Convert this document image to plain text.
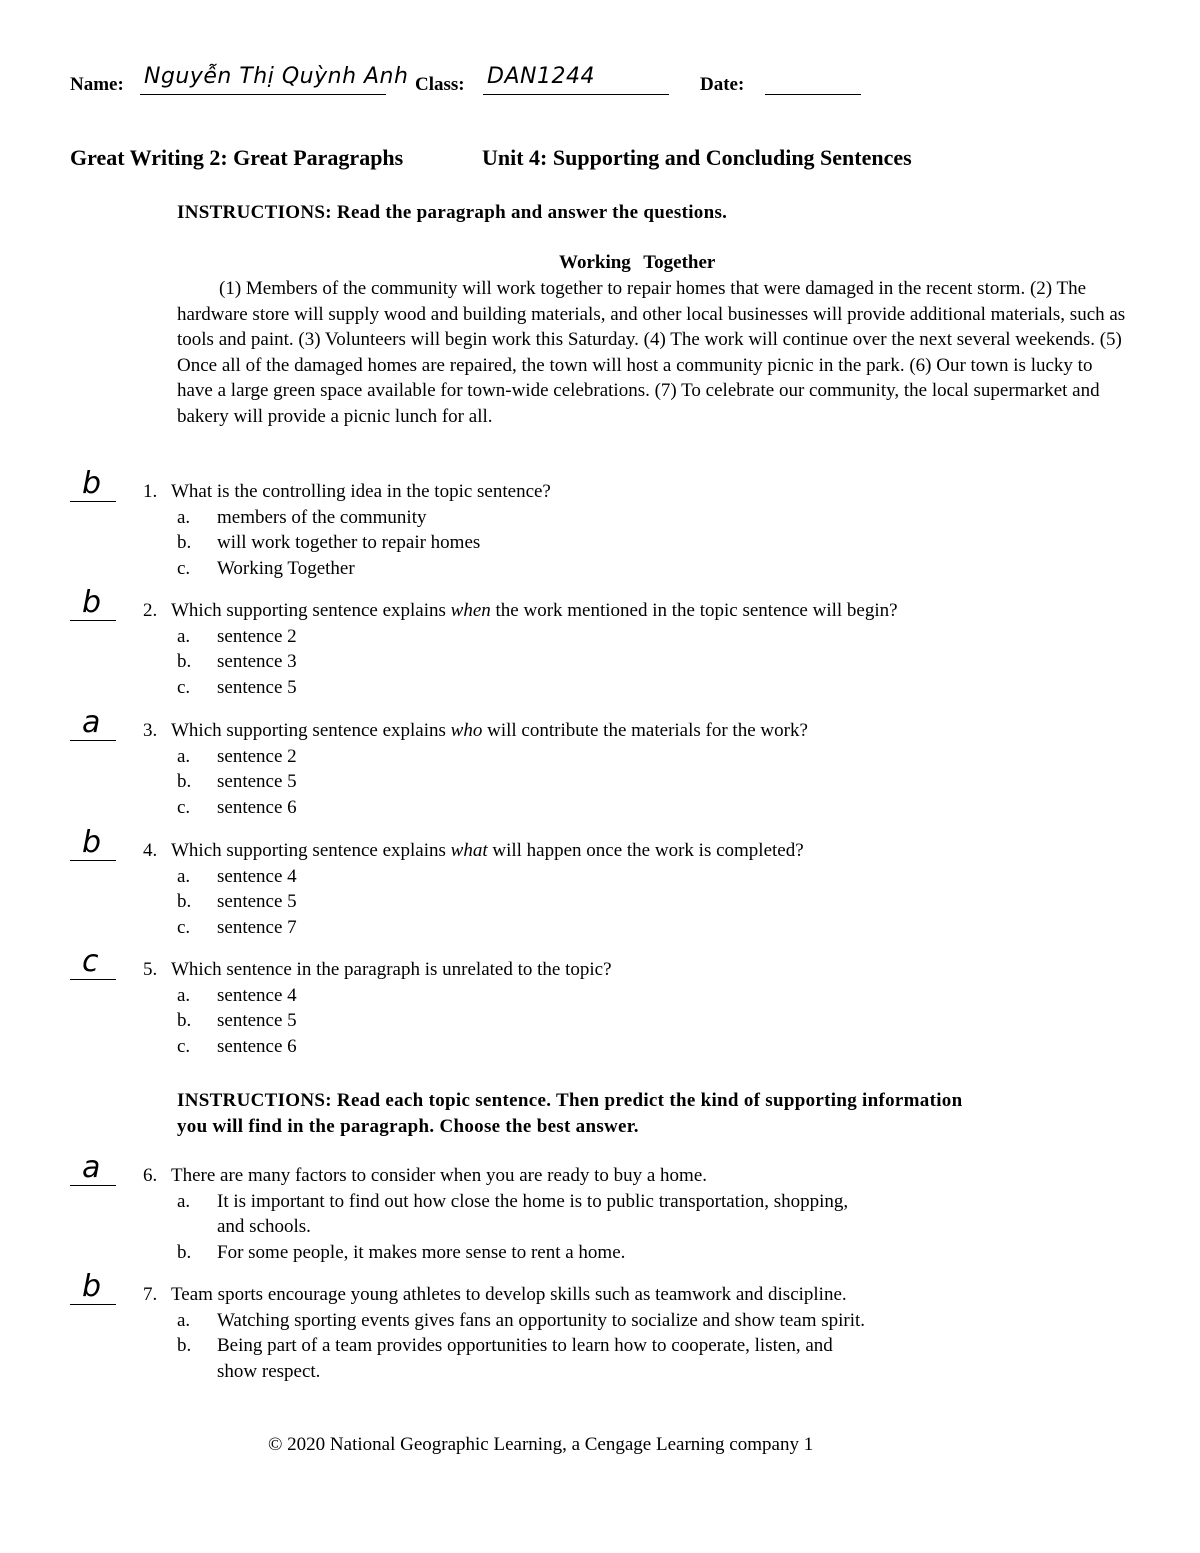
Name: Nguyễn Thị Quỳnh Anh Class: DAN1244	Date:
Great Writing 2: Great Paragraphs	Unit 4: Supporting and Concluding Sentences
INSTRUCTIONS: Read the paragraph and answer the questions.
Working Together
(1) Members of the community will work together to repair homes that were damaged in the recent storm. (2) The hardware store will supply wood and building materials, and other local businesses will provide additional materials, such as tools and paint. (3) Volunteers will begin work this Saturday. (4) The work will continue over the next several weekends. (5) Once all of the damaged homes are repaired, the town will host a community picnic in the park. (6) Our town is lucky to have a large green space available for town-wide celebrations. (7) To celebrate our community, the local supermarket and bakery will provide a picnic lunch for all.
b 1. What is the controlling idea in the topic sentence?
a. members of the community
b. will work together to repair homes
c. Working Together
b 2. Which supporting sentence explains when the work mentioned in the topic sentence will begin?
a. sentence 2
b. sentence 3
c. sentence 5
a 3. Which supporting sentence explains who will contribute the materials for the work?
a. sentence 2
b. sentence 5
c. sentence 6
b 4. Which supporting sentence explains what will happen once the work is completed?
a. sentence 4
b. sentence 5
c. sentence 7
c 5. Which sentence in the paragraph is unrelated to the topic?
a. sentence 4
b. sentence 5
c. sentence 6
INSTRUCTIONS: Read each topic sentence. Then predict the kind of supporting information
you will find in the paragraph. Choose the best answer.
a 6. There are many factors to consider when you are ready to buy a home.
a. It is important to find out how close the home is to public transportation, shopping,
and schools.
b. For some people, it makes more sense to rent a home.
b 7. Team sports encourage young athletes to develop skills such as teamwork and discipline.
a. Watching sporting events gives fans an opportunity to socialize and show team spirit.
b. Being part of a team provides opportunities to learn how to cooperate, listen, and
show respect.
© 2020 National Geographic Learning, a Cengage Learning company 1
